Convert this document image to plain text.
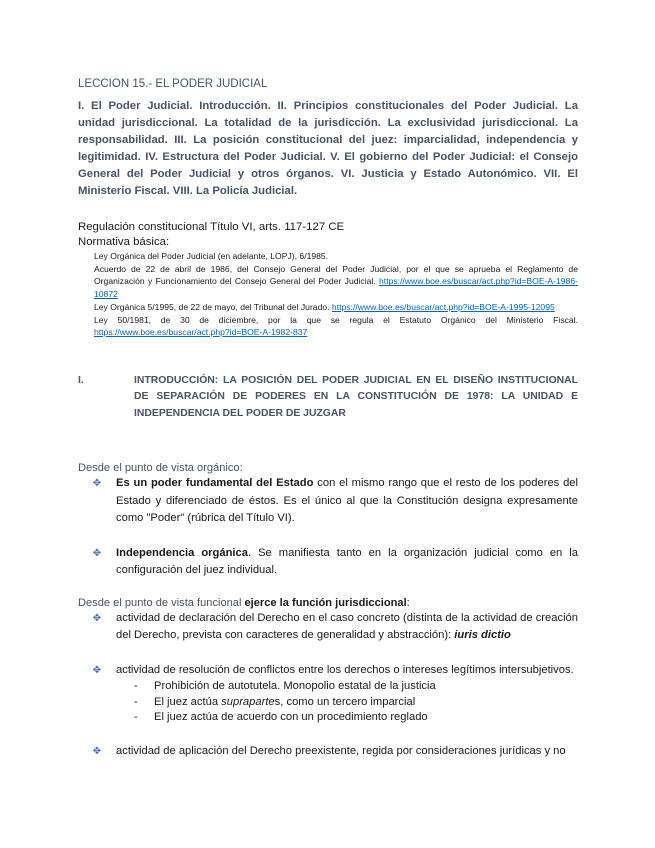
LECCION 15.- EL PODER JUDICIAL

I. El Poder Judicial. Introducción. II. Principios constitucionales del Poder Judicial. La unidad jurisdiccional. La totalidad de la jurisdicción. La exclusividad jurisdiccional. La responsabilidad. III. La posición constitucional del juez: imparcialidad, independencia y legitimidad. IV. Estructura del Poder Judicial. V. El gobierno del Poder Judicial: el Consejo General del Poder Judicial y otros órganos. VI. Justicia y Estado Autonómico. VII. El Ministerio Fiscal. VIII. La Policía Judicial.

Regulación constitucional Título VI, arts. 117-127 CE
Normativa básica:

Ley Orgánica del Poder Judicial (en adelante, LOPJ), 6/1985.

Acuerdo de 22 de abril de 1986, del Consejo General del Poder Judicial, por el que se aprueba el Reglamento de Organización y Funcionamiento del Consejo General del Poder Judicial. https://www.boe.es/buscar/act.php?id=BOE-A-1986-10872

Ley Orgánica 5/1995, de 22 de mayo, del Tribunal del Jurado. https://www.boe.es/buscar/act.php?id=BOE-A-1995-12095

Ley 50/1981, de 30 de diciembre, por la que se regula el Estatuto Orgánico del Ministerio Fiscal. https://www.boe.es/buscar/act.php?id=BOE-A-1982-837

I.	INTRODUCCIÓN: LA POSICIÓN DEL PODER JUDICIAL EN EL DISEÑO INSTITUCIONAL DE SEPARACIÓN DE PODERES EN LA CONSTITUCIÓN DE 1978: LA UNIDAD E INDEPENDENCIA DEL PODER DE JUZGAR

Desde el punto de vista orgánico:

✥	Es un poder fundamental del Estado con el mismo rango que el resto de los poderes del Estado y diferenciado de éstos. Es el único al que la Constitución designa expresamente como "Poder" (rúbrica del Título VI).
✥	Independencia orgánica. Se manifiesta tanto en la organización judicial como en la configuración del juez individual.

Desde el punto de vista funcional ejerce la función jurisdiccional:

✥	actividad de declaración del Derecho en el caso concreto (distinta de la actividad de creación del Derecho, prevista con caracteres de generalidad y abstracción): iuris dictio
✥	actividad de resolución de conflictos entre los derechos o intereses legítimos intersubjetivos.
-	Prohibición de autotutela. Monopolio estatal de la justicia
-	El juez actúa suprapartes, como un tercero imparcial
-	El juez actúa de acuerdo con un procedimiento reglado
✥	actividad de aplicación del Derecho preexistente, regida por consideraciones jurídicas y no
